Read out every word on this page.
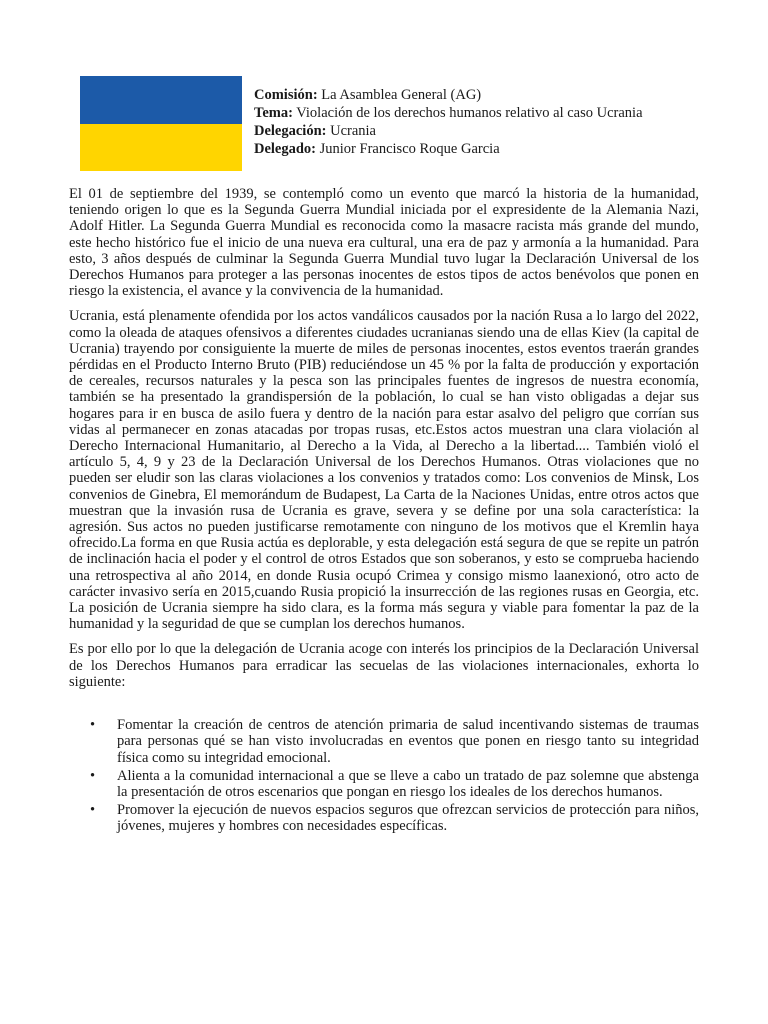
Comisión: La Asamblea General (AG)
Tema: Violación de los derechos humanos relativo al caso Ucrania
Delegación: Ucrania
Delegado: Junior Francisco Roque Garcia

El 01 de septiembre del 1939, se contempló como un evento que marcó la historia de la humanidad, teniendo origen lo que es la Segunda Guerra Mundial iniciada por el expresidente de la Alemania Nazi, Adolf Hitler. La Segunda Guerra Mundial es reconocida como la masacre racista más grande del mundo, este hecho histórico fue el inicio de una nueva era cultural, una era de paz y armonía a la humanidad. Para esto, 3 años después de culminar la Segunda Guerra Mundial tuvo lugar la Declaración Universal de los Derechos Humanos para proteger a las personas inocentes de estos tipos de actos benévolos que ponen en riesgo la existencia, el avance y la convivencia de la humanidad.

Ucrania, está plenamente ofendida por los actos vandálicos causados por la nación Rusa a lo largo del 2022, como la oleada de ataques ofensivos a diferentes ciudades ucranianas siendo una de ellas Kiev (la capital de Ucrania) trayendo por consiguiente la muerte de miles de personas inocentes, estos eventos traerán grandes pérdidas en el Producto Interno Bruto (PIB) reduciéndose un 45 % por la falta de producción y exportación de cereales, recursos naturales y la pesca son las principales fuentes de ingresos de nuestra economía, también se ha presentado la grandispersión de la población, lo cual se han visto obligadas a dejar sus hogares para ir en busca de asilo fuera y dentro de la nación para estar asalvo del peligro que corrían sus vidas al permanecer en zonas atacadas por tropas rusas, etc.Estos actos muestran una clara violación al Derecho Internacional Humanitario, al Derecho a la Vida, al Derecho a la libertad.... También violó el artículo 5, 4, 9 y 23 de la Declaración Universal de los Derechos Humanos. Otras violaciones que no pueden ser eludir son las claras violaciones a los convenios y tratados como: Los convenios de Minsk, Los convenios de Ginebra, El memorándum de Budapest, La Carta de la Naciones Unidas, entre otros actos que muestran que la invasión rusa de Ucrania es grave, severa y se define por una sola característica: la agresión. Sus actos no pueden justificarse remotamente con ninguno de los motivos que el Kremlin haya ofrecido.La forma en que Rusia actúa es deplorable, y esta delegación está segura de que se repite un patrón de inclinación hacia el poder y el control de otros Estados que son soberanos, y esto se comprueba haciendo una retrospectiva al año 2014, en donde Rusia ocupó Crimea y consigo mismo laanexionó, otro acto de carácter invasivo sería en 2015,cuando Rusia propició la insurrección de las regiones rusas en Georgia, etc. La posición de Ucrania siempre ha sido clara, es la forma más segura y viable para fomentar la paz de la humanidad y la seguridad de que se cumplan los derechos humanos.

Es por ello por lo que la delegación de Ucrania acoge con interés los principios de la Declaración Universal de los Derechos Humanos para erradicar las secuelas de las violaciones internacionales, exhorta lo siguiente:

• Fomentar la creación de centros de atención primaria de salud incentivando sistemas de traumas para personas qué se han visto involucradas en eventos que ponen en riesgo tanto su integridad física como su integridad emocional.
• Alienta a la comunidad internacional a que se lleve a cabo un tratado de paz solemne que abstenga la presentación de otros escenarios que pongan en riesgo los ideales de los derechos humanos.
• Promover la ejecución de nuevos espacios seguros que ofrezcan servicios de protección para niños, jóvenes, mujeres y hombres con necesidades específicas.
